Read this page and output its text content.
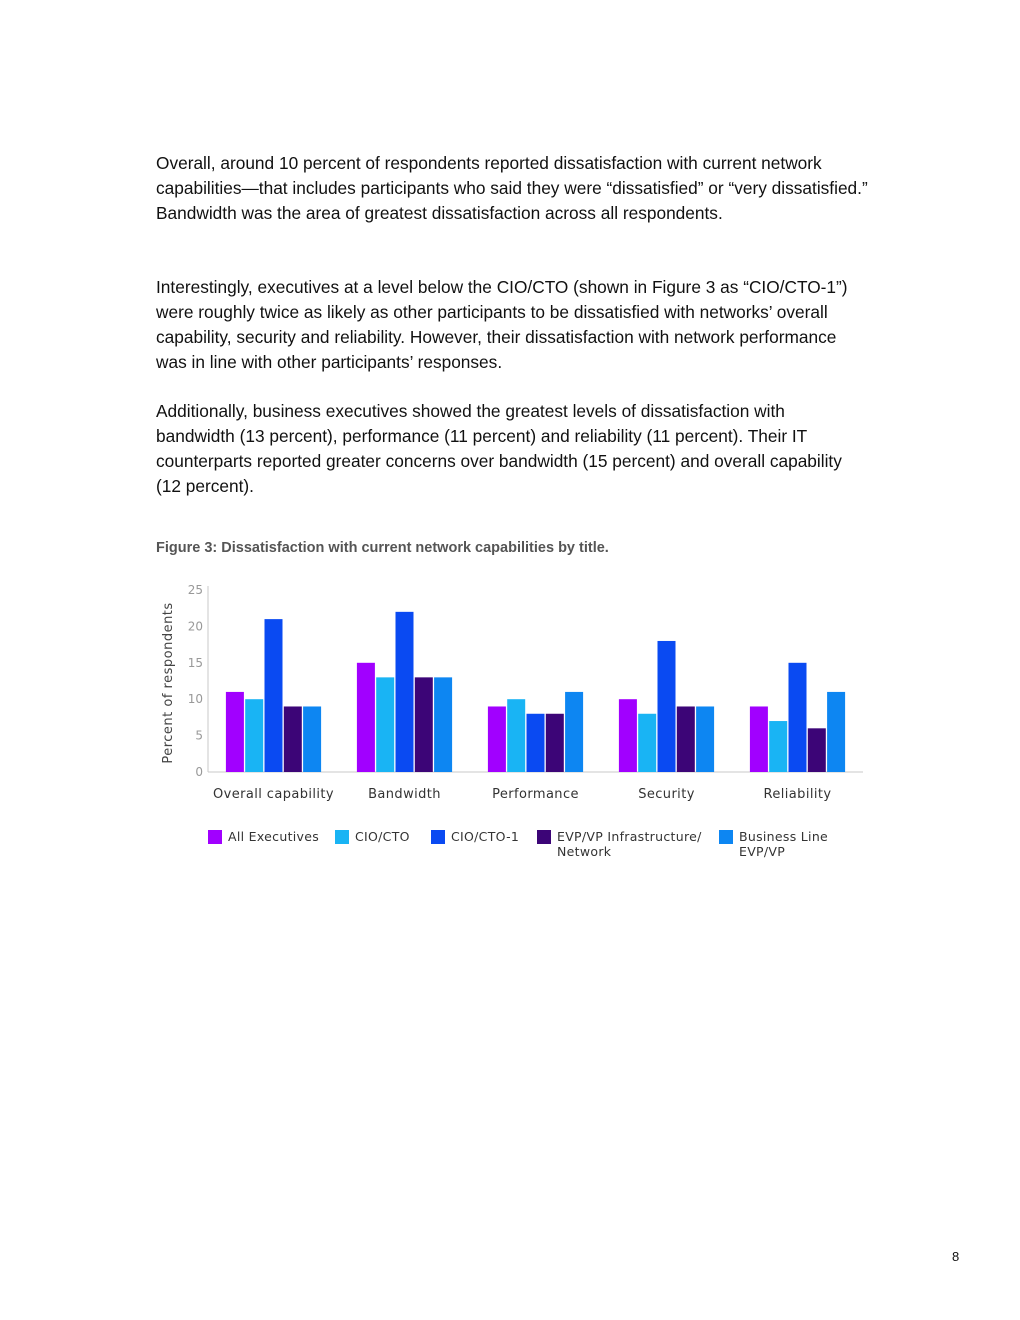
Overall, around 10 percent of respondents reported dissatisfaction with current network capabilities—that includes participants who said they were “dissatisfied” or “very dissatisfied.” Bandwidth was the area of greatest dissatisfaction across all respondents.

Interestingly, executives at a level below the CIO/CTO (shown in Figure 3 as “CIO/CTO-1”) were roughly twice as likely as other participants to be dissatisfied with networks’ overall capability, security and reliability. However, their dissatisfaction with network performance was in line with other participants’ responses.

Additionally, business executives showed the greatest levels of dissatisfaction with bandwidth (13 percent), performance (11 percent) and reliability (11 percent). Their IT counterparts reported greater concerns over bandwidth (15 percent) and overall capability (12 percent).

Figure 3: Dissatisfaction with current network capabilities by title.

Percent of respondents
0
5
10
15
20
25
Overall capability	Bandwidth	Performance	Security	Reliability
All Executives	CIO/CTO	CIO/CTO-1	EVP/VP Infrastructure/
Network
Business Line
EVP/VP
8
